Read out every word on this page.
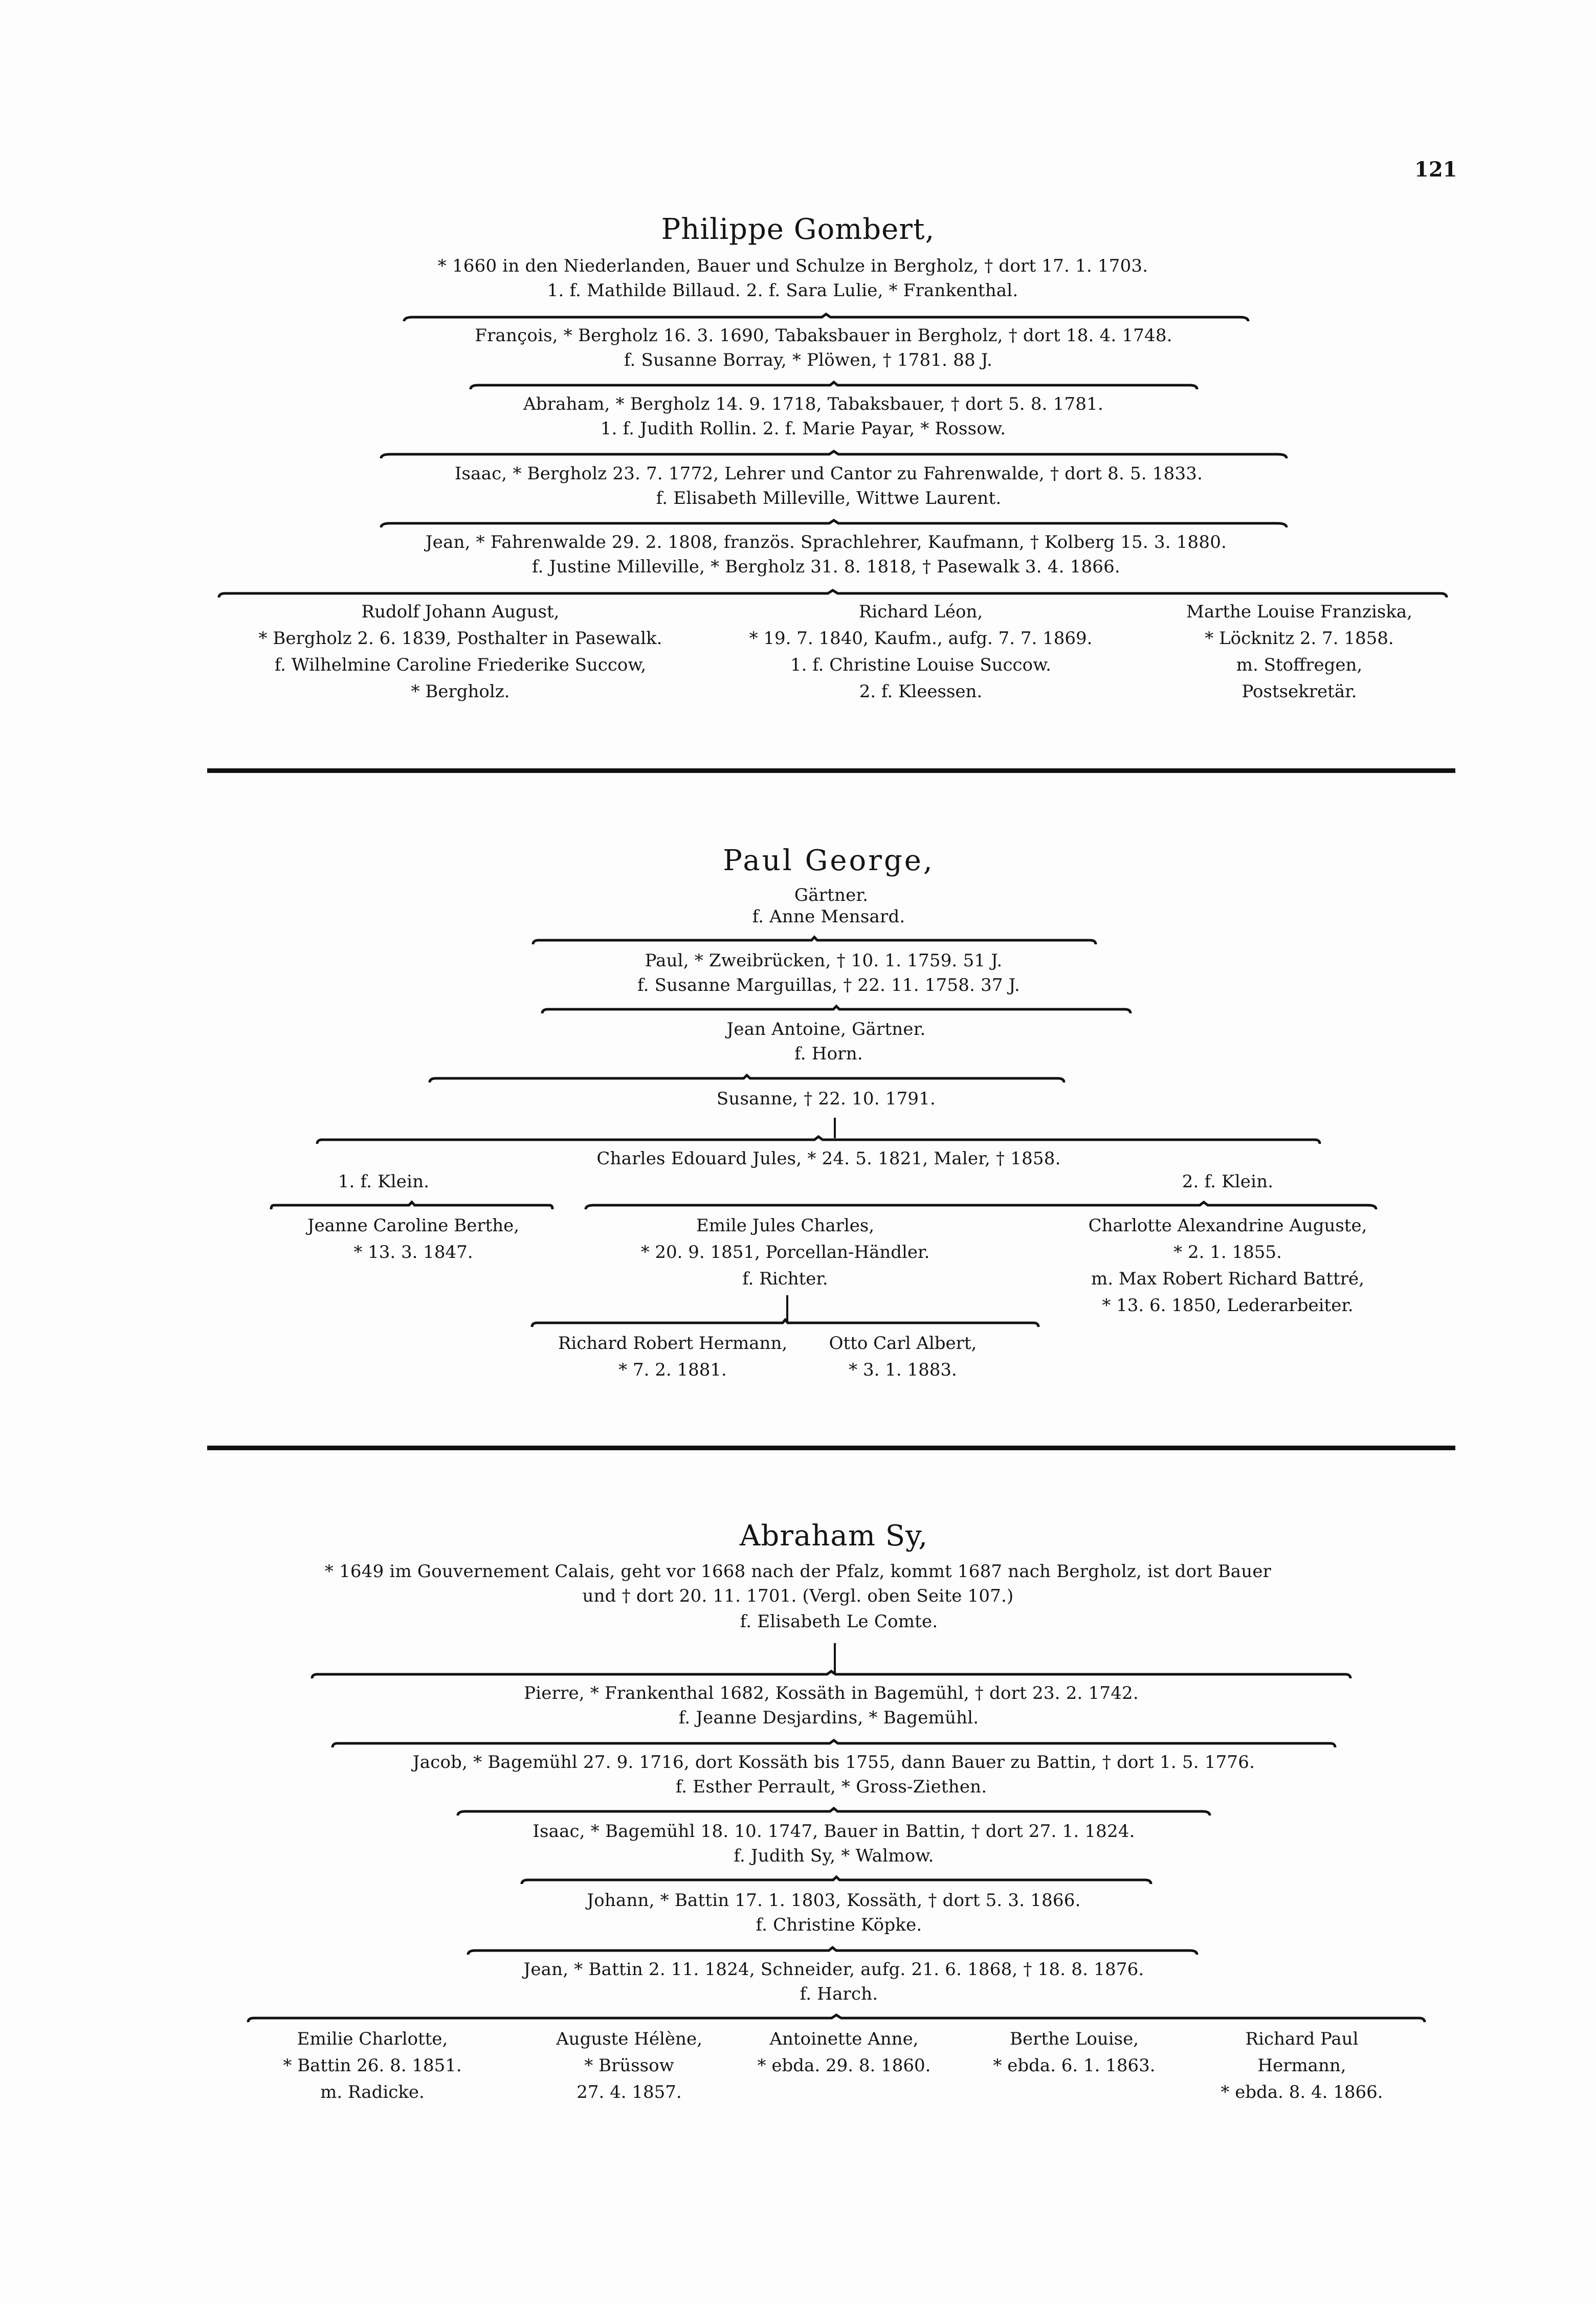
121
Philippe Gombert,
* 1660 in den Niederlanden, Bauer und Schulze in Bergholz, † dort 17. 1. 1703.
1. f. Mathilde Billaud. 2. f. Sara Lulie, * Frankenthal.
François, * Bergholz 16. 3. 1690, Tabaksbauer in Bergholz, † dort 18. 4. 1748.
f. Susanne Borray, * Plöwen, † 1781. 88 J.
Abraham, * Bergholz 14. 9. 1718, Tabaksbauer, † dort 5. 8. 1781.
1. f. Judith Rollin. 2. f. Marie Payar, * Rossow.
Isaac, * Bergholz 23. 7. 1772, Lehrer und Cantor zu Fahrenwalde, † dort 8. 5. 1833.
f. Elisabeth Milleville, Wittwe Laurent.
Jean, * Fahrenwalde 29. 2. 1808, französ. Sprachlehrer, Kaufmann, † Kolberg 15. 3. 1880.
f. Justine Milleville, * Bergholz 31. 8. 1818, † Pasewalk 3. 4. 1866.
Rudolf Johann August,
* Bergholz 2. 6. 1839, Posthalter in Pasewalk.
f. Wilhelmine Caroline Friederike Succow,
* Bergholz.
Richard Léon,
* 19. 7. 1840, Kaufm., aufg. 7. 7. 1869.
1. f. Christine Louise Succow.
2. f. Kleessen.
Marthe Louise Franziska,
* Löcknitz 2. 7. 1858.
m. Stoffregen,
Postsekretär.
Paul George,
Gärtner.
f. Anne Mensard.
Paul, * Zweibrücken, † 10. 1. 1759. 51 J.
f. Susanne Marguillas, † 22. 11. 1758. 37 J.
Jean Antoine, Gärtner.
f. Horn.
Susanne, † 22. 10. 1791.
Charles Edouard Jules, * 24. 5. 1821, Maler, † 1858.
1. f. Klein.	2. f. Klein.
Jeanne Caroline Berthe,
* 13. 3. 1847.
Emile Jules Charles,
* 20. 9. 1851, Porcellan-Händler.
f. Richter.
Charlotte Alexandrine Auguste,
* 2. 1. 1855.
m. Max Robert Richard Battré,
* 13. 6. 1850, Lederarbeiter.
Richard Robert Hermann,
* 7. 2. 1881.
Otto Carl Albert,
* 3. 1. 1883.
Abraham Sy,
* 1649 im Gouvernement Calais, geht vor 1668 nach der Pfalz, kommt 1687 nach Bergholz, ist dort Bauer
und † dort 20. 11. 1701. (Vergl. oben Seite 107.)
f. Elisabeth Le Comte.
Pierre, * Frankenthal 1682, Kossäth in Bagemühl, † dort 23. 2. 1742.
f. Jeanne Desjardins, * Bagemühl.
Jacob, * Bagemühl 27. 9. 1716, dort Kossäth bis 1755, dann Bauer zu Battin, † dort 1. 5. 1776.
f. Esther Perrault, * Gross-Ziethen.
Isaac, * Bagemühl 18. 10. 1747, Bauer in Battin, † dort 27. 1. 1824.
f. Judith Sy, * Walmow.
Johann, * Battin 17. 1. 1803, Kossäth, † dort 5. 3. 1866.
f. Christine Köpke.
Jean, * Battin 2. 11. 1824, Schneider, aufg. 21. 6. 1868, † 18. 8. 1876.
f. Harch.
Emilie Charlotte,
* Battin 26. 8. 1851.
m. Radicke.
Auguste Hélène,
* Brüssow
27. 4. 1857.
Antoinette Anne,
* ebda. 29. 8. 1860.
Berthe Louise,
* ebda. 6. 1. 1863.
Richard Paul
Hermann,
* ebda. 8. 4. 1866.
